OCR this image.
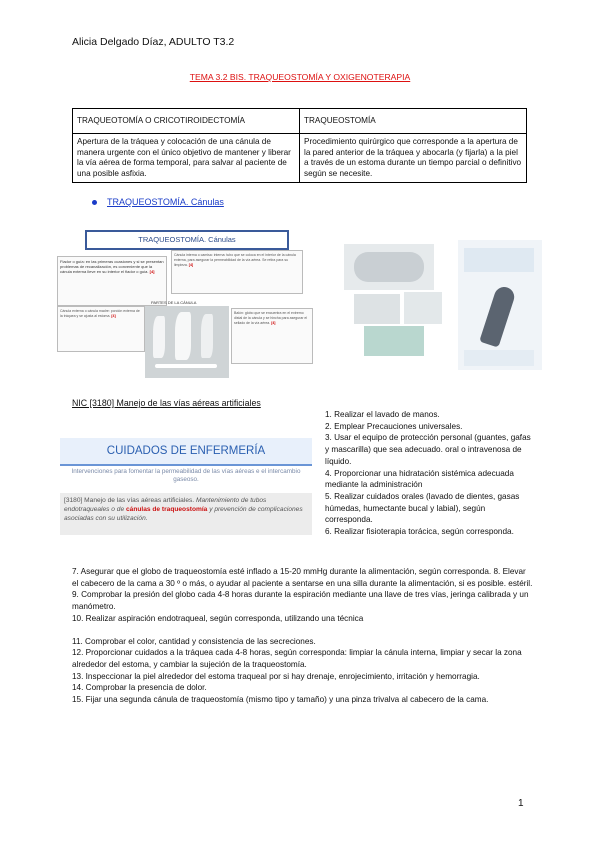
Alicia Delgado Díaz, ADULTO T3.2
TEMA 3.2 BIS. TRAQUEOSTOMÍA Y OXIGENOTERAPIA
TRAQUEOTOMÍA O CRICOTIROIDECTOMÍA	TRAQUEOSTOMÍA
Apertura de la tráquea y colocación de una cánula de manera urgente con el único objetivo de mantener y liberar la vía aérea de forma temporal, para salvar al paciente de una posible asfixia.	Procedimiento quirúrgico que corresponde a la apertura de la pared anterior de la tráquea y abocarla (y fijarla) a la piel a través de un estoma durante un tiempo parcial o definitivo según se necesite.
TRAQUEOSTOMÍA. Cánulas
TRAQUEOSTOMÍA. Cánulas
Fiador o guía: en las primeras ocasiones y si se presentan problemas de recanalización, es conveniente que la cánula externa lleve en su interior el fiador o guía. [4]
Cánula interna o camisa: interna: tubo que se coloca en el interior de la cánula externa, para asegurar la permeabilidad de la vía aérea. Se retira para su limpieza. [4]
PARTES DE LA CÁNULA
Cánula externa o cánula madre: porción externa de la tráquea y se ajusta al estoma. [4]
Balón: globo que se encuentra en el extremo distal de la cánula y se hincha para asegurar el sellado de la vía aérea. [4]
NIC [3180] Manejo de las vías aéreas artificiales
CUIDADOS DE ENFERMERÍA
Intervenciones para fomentar la permeabilidad de las vías aéreas e el intercambio gaseoso.
[3180] Manejo de las vías aéreas artificiales. Mantenimiento de tubos endotraqueales o de cánulas de traqueostomía y prevención de complicaciones asociadas con su utilización.
1. Realizar el lavado de manos.
2. Emplear Precauciones universales.
3. Usar el equipo de protección personal (guantes, gafas y mascarilla) que sea adecuado. oral o intravenosa de líquido.
4. Proporcionar una hidratación sistémica adecuada mediante la administración
5. Realizar cuidados orales (lavado de dientes, gasas húmedas, humectante bucal y labial), según corresponda.
6. Realizar fisioterapia torácica, según corresponda.

7. Asegurar que el globo de traqueostomía esté inflado a 15-20 mmHg durante la alimentación, según corresponda. 8. Elevar el cabecero de la cama a 30 º o más, o ayudar al paciente a sentarse en una silla durante la alimentación, si es posible. estéril.

9. Comprobar la presión del globo cada 4-8 horas durante la espiración mediante una llave de tres vías, jeringa calibrada y un manómetro.

10. Realizar aspiración endotraqueal, según corresponda, utilizando una técnica

11. Comprobar el color, cantidad y consistencia de las secreciones.

12. Proporcionar cuidados a la tráquea cada 4-8 horas, según corresponda: limpiar la cánula interna, limpiar y secar la zona alrededor del estoma, y cambiar la sujeción de la traqueostomía.

13. Inspeccionar la piel alrededor del estoma traqueal por si hay drenaje, enrojecimiento, irritación y hemorragia.

14. Comprobar la presencia de dolor.

15. Fijar una segunda cánula de traqueostomía (mismo tipo y tamaño) y una pinza trivalva al cabecero de la cama.

1
